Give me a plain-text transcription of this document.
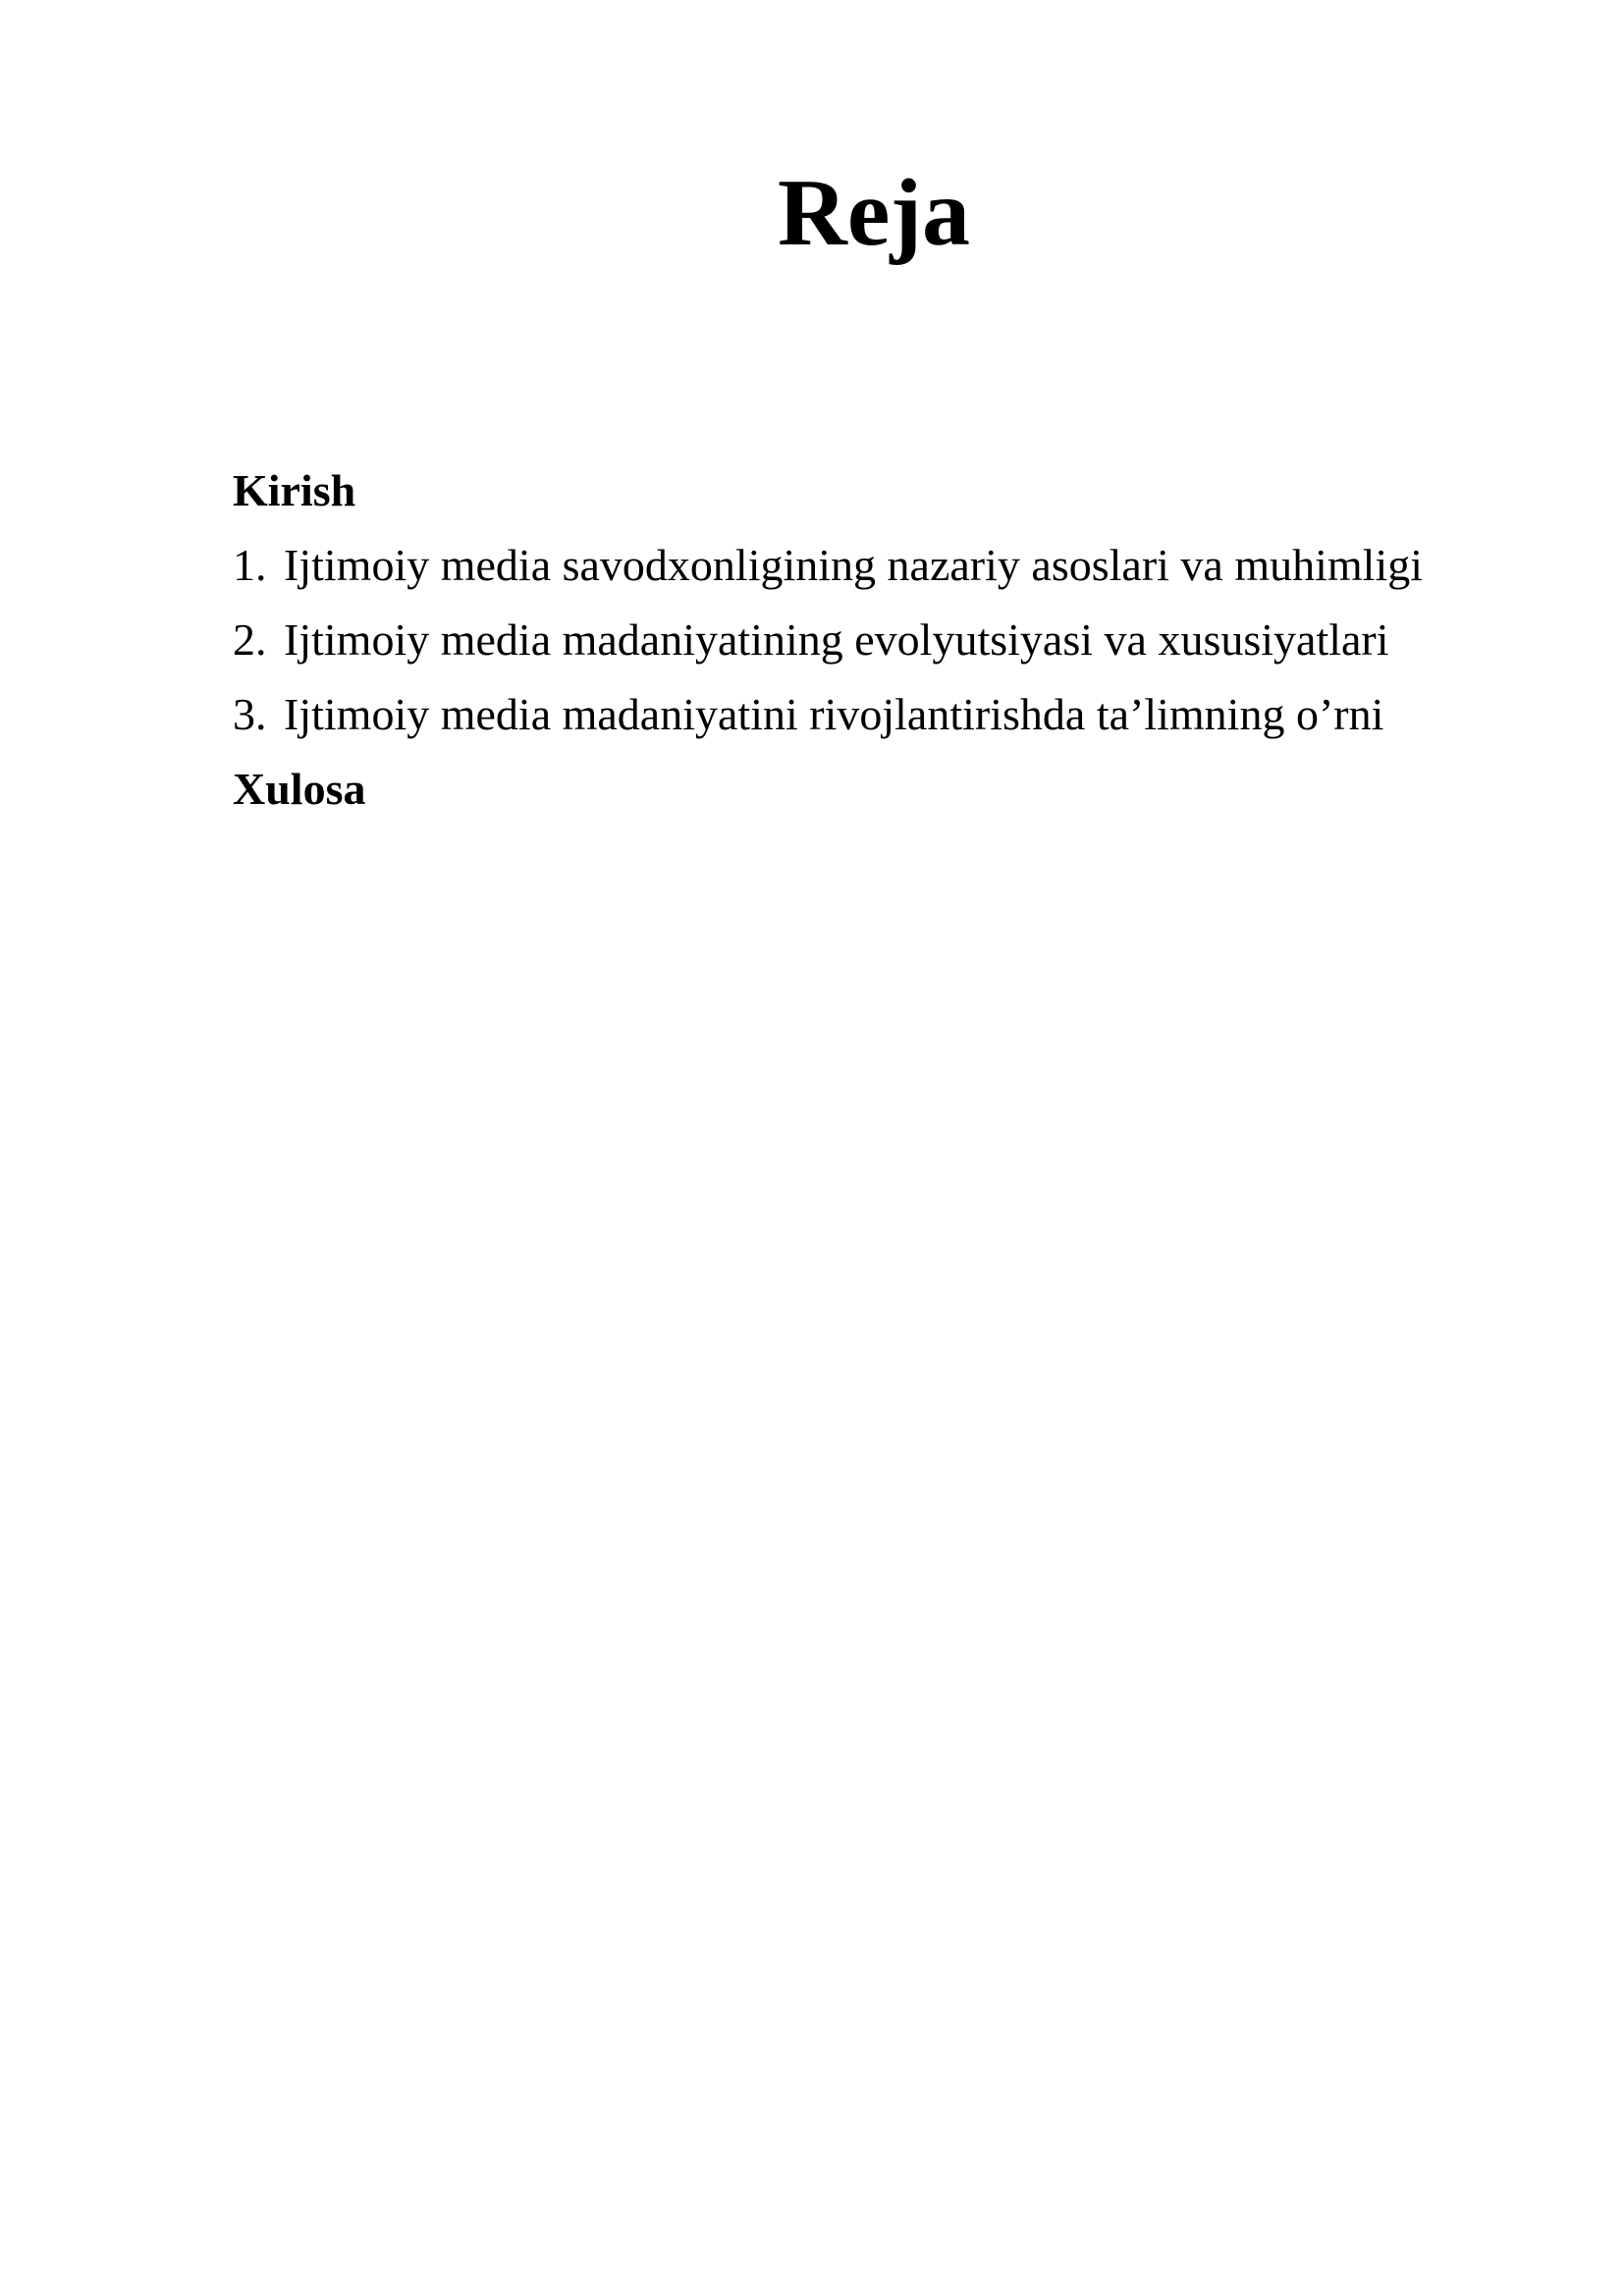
Reja
Kirish
1. Ijtimoiy media savodxonligining nazariy asoslari va muhimligi
2. Ijtimoiy media madaniyatining evolyutsiyasi va xususiyatlari
3. Ijtimoiy media madaniyatini rivojlantirishda ta’limning o’rni
Xulosa
